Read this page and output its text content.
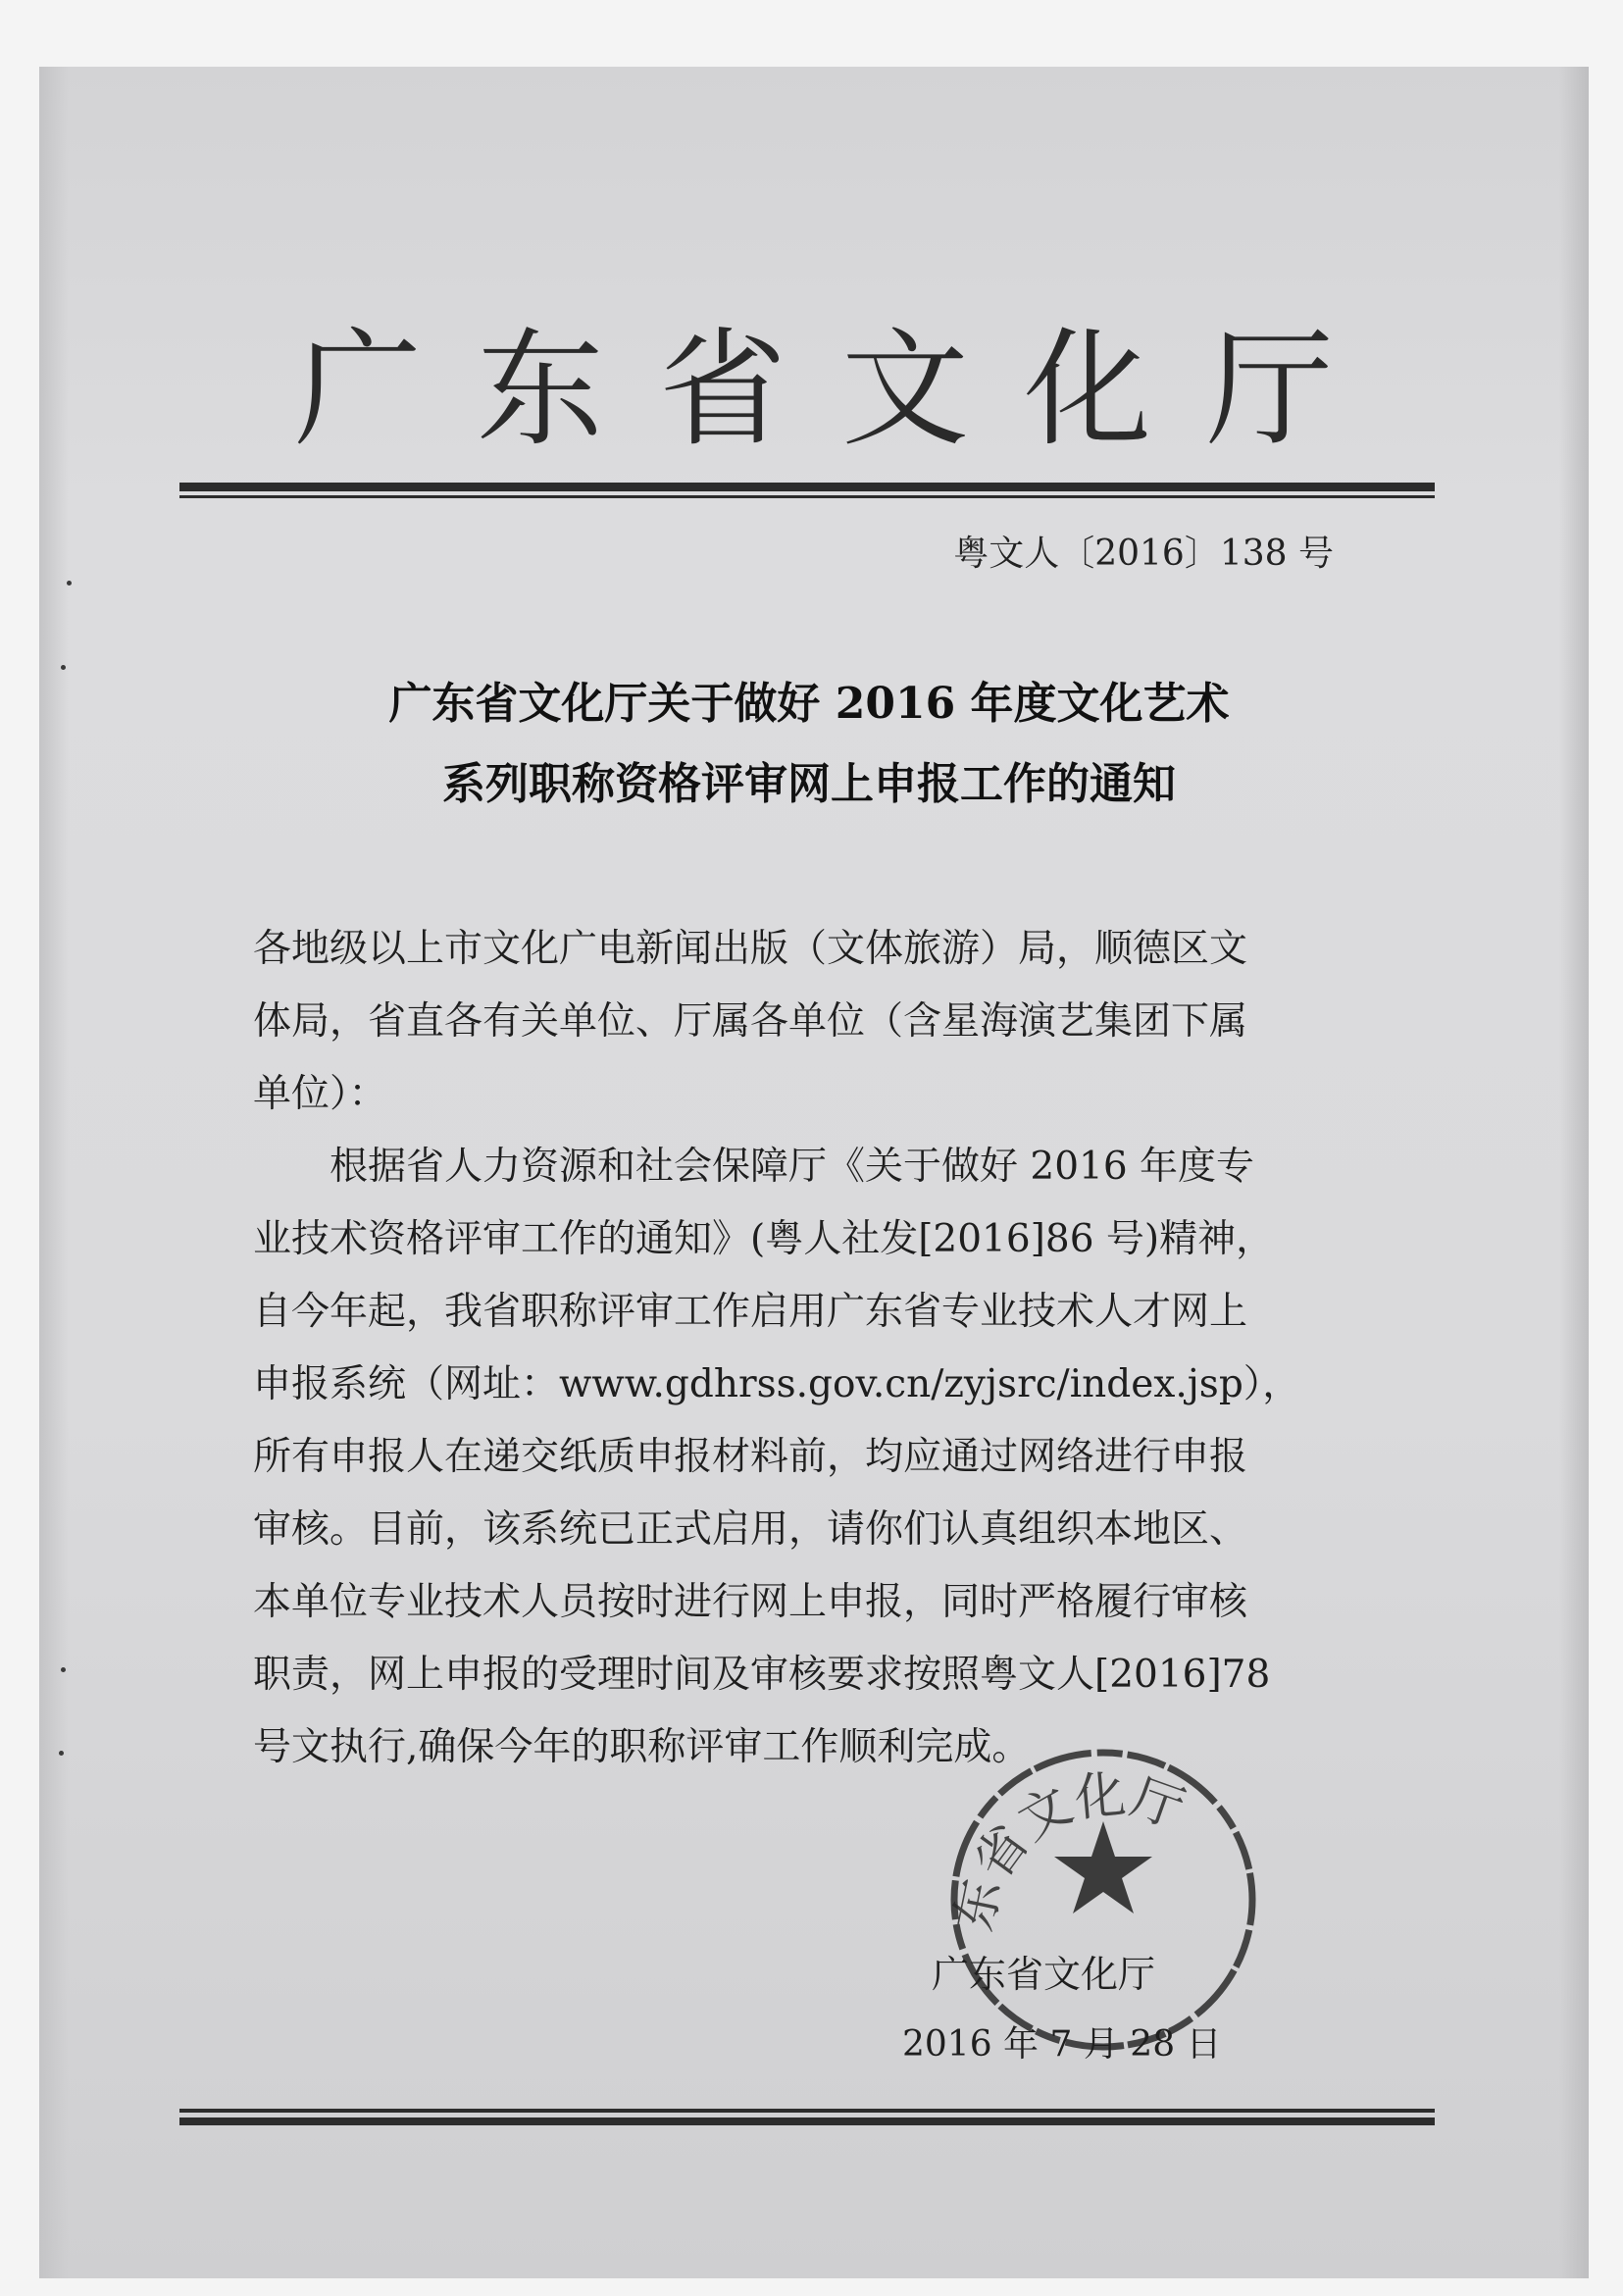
广东省文化厅
粤文人〔2016〕138 号
广东省文化厅关于做好 2016 年度文化艺术
系列职称资格评审网上申报工作的通知
各地级以上市文化广电新闻出版（文体旅游）局，顺德区文
体局，省直各有关单位、厅属各单位（含星海演艺集团下属
单位）：
　　根据省人力资源和社会保障厅《关于做好 2016 年度专
业技术资格评审工作的通知》(粤人社发[2016]86 号)精神，
自今年起，我省职称评审工作启用广东省专业技术人才网上
申报系统（网址：www.gdhrss.gov.cn/zyjsrc/index.jsp），
所有申报人在递交纸质申报材料前，均应通过网络进行申报
审核。目前，该系统已正式启用，请你们认真组织本地区、
本单位专业技术人员按时进行网上申报，同时严格履行审核
职责，网上申报的受理时间及审核要求按照粤文人[2016]78
号文执行,确保今年的职称评审工作顺利完成。
东省文化厅
广东省文化厅
2016 年 7 月 28 日
